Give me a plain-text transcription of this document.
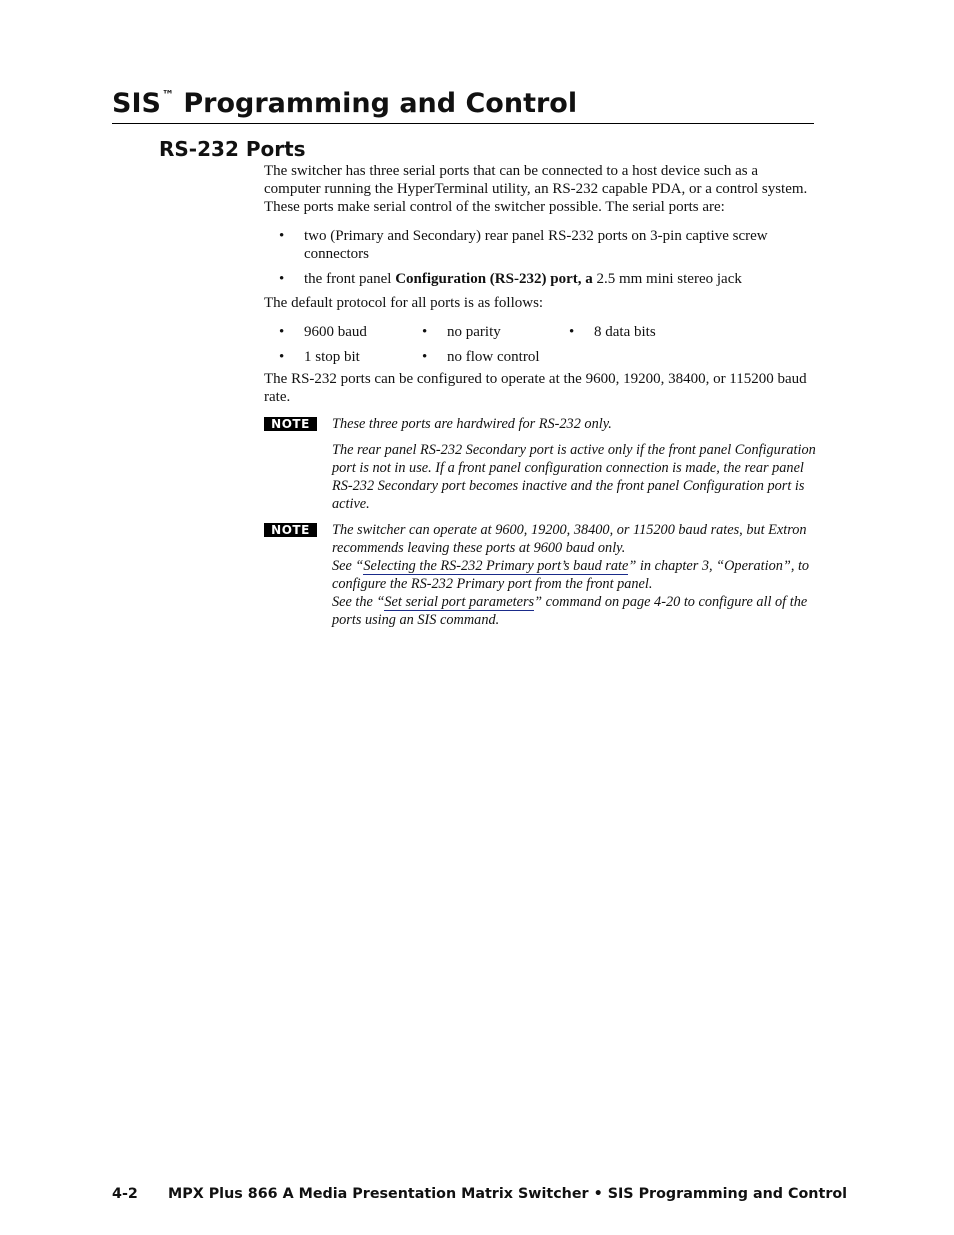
SIS™ Programming and Control
RS-232 Ports

The switcher has three serial ports that can be connected to a host device such as a computer running the HyperTerminal utility, an RS-232 capable PDA, or a control system. These ports make serial control of the switcher possible. The serial ports are:

• two (Primary and Secondary) rear panel RS-232 ports on 3-pin captive screw connectors
• the front panel Configuration (RS-232) port, a 2.5 mm mini stereo jack

The default protocol for all ports is as follows:

• 9600 baud	• no parity	• 8 data bits
• 1 stop bit	• no flow control

The RS-232 ports can be configured to operate at the 9600, 19200, 38400, or 115200 baud rate.

NOTE	These three ports are hardwired for RS-232 only.

The rear panel RS-232 Secondary port is active only if the front panel Configuration port is not in use. If a front panel configuration connection is made, the rear panel RS-232 Secondary port becomes inactive and the front panel Configuration port is active.

NOTE	The switcher can operate at 9600, 19200, 38400, or 115200 baud rates, but Extron recommends leaving these ports at 9600 baud only.

See “Selecting the RS-232 Primary port’s baud rate” in chapter 3, “Operation”, to configure the RS-232 Primary port from the front panel.

See the “Set serial port parameters” command on page 4-20 to configure all of the ports using an SIS command.

4-2 MPX Plus 866 A Media Presentation Matrix Switcher • SIS Programming and Control
